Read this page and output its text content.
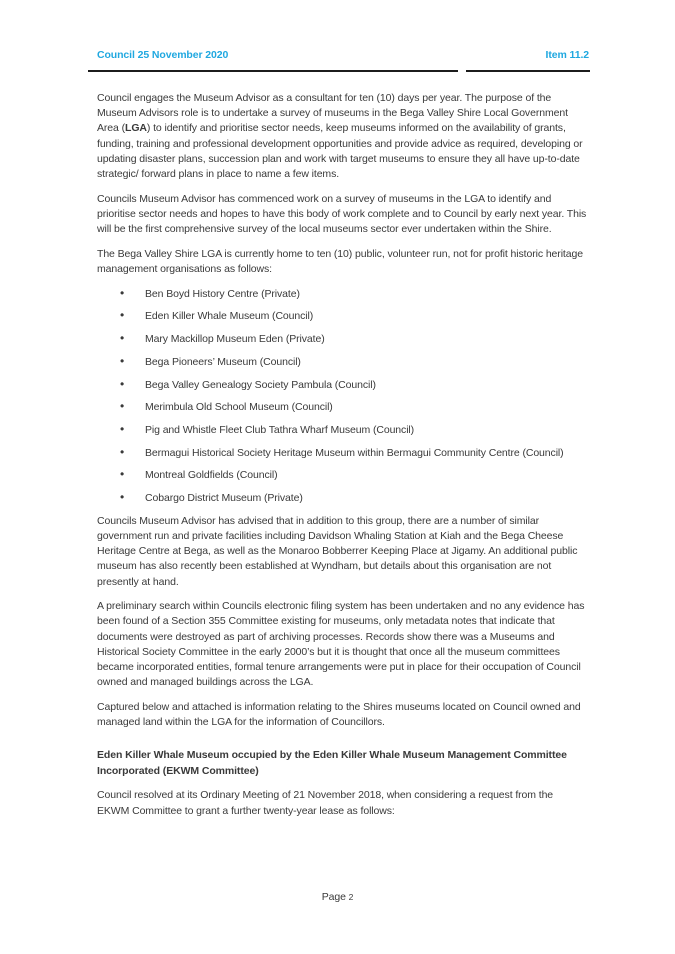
Council 25 November 2020	Item 11.2

Council engages the Museum Advisor as a consultant for ten (10) days per year. The purpose of the Museum Advisors role is to undertake a survey of museums in the Bega Valley Shire Local Government Area (LGA) to identify and prioritise sector needs, keep museums informed on the availability of grants, funding, training and professional development opportunities and provide advice as required, developing or updating disaster plans, succession plan and work with target museums to ensure they all have up-to-date strategic/ forward plans in place to name a few items.

Councils Museum Advisor has commenced work on a survey of museums in the LGA to identify and prioritise sector needs and hopes to have this body of work complete and to Council by early next year. This will be the first comprehensive survey of the local museums sector ever undertaken within the Shire.

The Bega Valley Shire LGA is currently home to ten (10) public, volunteer run, not for profit historic heritage management organisations as follows:

• Ben Boyd History Centre (Private)
• Eden Killer Whale Museum (Council)
• Mary Mackillop Museum Eden (Private)
• Bega Pioneers’ Museum (Council)
• Bega Valley Genealogy Society Pambula (Council)
• Merimbula Old School Museum (Council)
• Pig and Whistle Fleet Club Tathra Wharf Museum (Council)
• Bermagui Historical Society Heritage Museum within Bermagui Community Centre (Council)
• Montreal Goldfields (Council)
• Cobargo District Museum (Private)

Councils Museum Advisor has advised that in addition to this group, there are a number of similar government run and private facilities including Davidson Whaling Station at Kiah and the Bega Cheese Heritage Centre at Bega, as well as the Monaroo Bobberrer Keeping Place at Jigamy. An additional public museum has also recently been established at Wyndham, but details about this organisation are not presently at hand.

A preliminary search within Councils electronic filing system has been undertaken and no any evidence has been found of a Section 355 Committee existing for museums, only metadata notes that indicate that documents were destroyed as part of archiving processes. Records show there was a Museums and Historical Society Committee in the early 2000’s but it is thought that once all the museum committees became incorporated entities, formal tenure arrangements were put in place for their occupation of Council owned and managed buildings across the LGA.

Captured below and attached is information relating to the Shires museums located on Council owned and managed land within the LGA for the information of Councillors.

Eden Killer Whale Museum occupied by the Eden Killer Whale Museum Management Committee Incorporated (EKWM Committee)

Council resolved at its Ordinary Meeting of 21 November 2018, when considering a request from the EKWM Committee to grant a further twenty-year lease as follows:

Page 2
